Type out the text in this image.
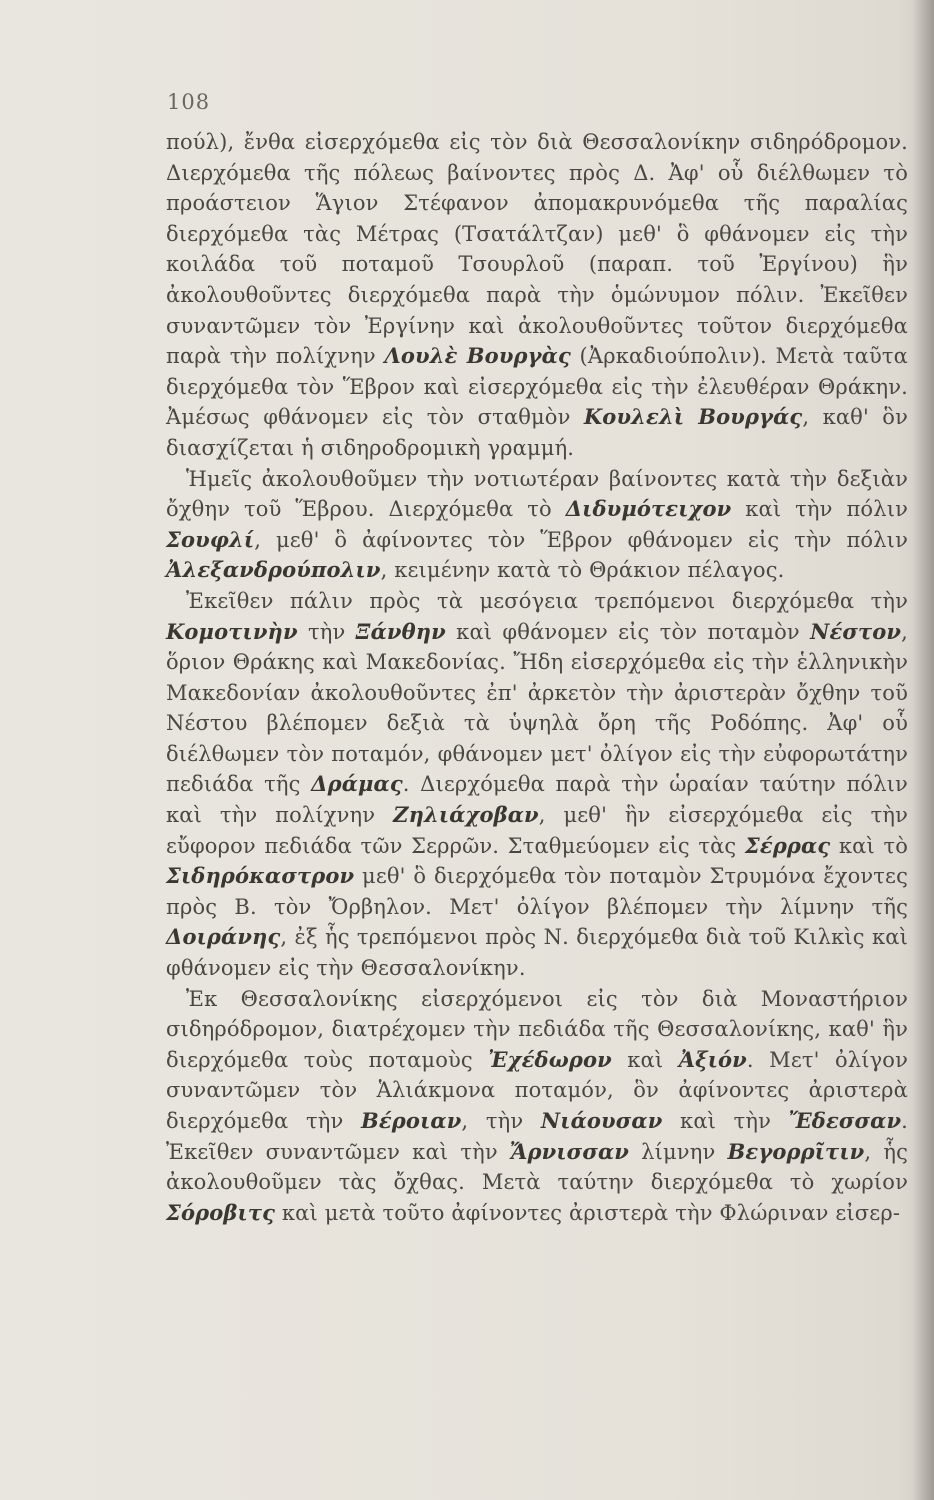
108

πούλ), ἔνθα εἰσερχόμεθα εἰς τὸν διὰ Θεσσαλονίκην σιδηρόδρομον. Διερχόμεθα τῆς πόλεως βαίνοντες πρὸς Δ. Ἀφ' οὗ διέλθωμεν τὸ προάστειον Ἅγιον Στέφανον ἀπομακρυνόμεθα τῆς παραλίας διερχόμεθα τὰς Μέτρας (Τσατάλτζαν) μεθ' ὃ φθάνομεν εἰς τὴν κοιλάδα τοῦ ποταμοῦ Τσουρλοῦ (παραπ. τοῦ Ἐργίνου) ἣν ἀκολουθοῦντες διερχόμεθα παρὰ τὴν ὁμώνυμον πόλιν. Ἐκεῖθεν συναντῶμεν τὸν Ἐργίνην καὶ ἀκολουθοῦντες τοῦτον διερχόμεθα παρὰ τὴν πολίχνην Λουλὲ Βουργὰς (Ἀρκαδιούπολιν). Μετὰ ταῦτα διερχόμεθα τὸν Ἕβρον καὶ εἰσερχόμεθα εἰς τὴν ἐλευθέραν Θράκην. Ἀμέσως φθάνομεν εἰς τὸν σταθμὸν Κουλελὶ Βουργάς, καθ' ὃν διασχίζεται ἡ σιδηροδρομικὴ γραμμή.

Ἡμεῖς ἀκολουθοῦμεν τὴν νοτιωτέραν βαίνοντες κατὰ τὴν δεξιὰν ὄχθην τοῦ Ἕβρου. Διερχόμεθα τὸ Διδυμότειχον καὶ τὴν πόλιν Σουφλί, μεθ' ὃ ἀφίνοντες τὸν Ἕβρον φθάνομεν εἰς τὴν πόλιν Ἀλεξανδρούπολιν, κειμένην κατὰ τὸ Θράκιον πέλαγος.

Ἐκεῖθεν πάλιν πρὸς τὰ μεσόγεια τρεπόμενοι διερχόμεθα τὴν Κομοτινὴν τὴν Ξάνθην καὶ φθάνομεν εἰς τὸν ποταμὸν Νέστον, ὅριον Θράκης καὶ Μακεδονίας. Ἤδη εἰσερχόμεθα εἰς τὴν ἑλληνικὴν Μακεδονίαν ἀκολουθοῦντες ἐπ' ἀρκετὸν τὴν ἀριστερὰν ὄχθην τοῦ Νέστου βλέπομεν δεξιὰ τὰ ὑψηλὰ ὄρη τῆς Ροδόπης. Ἀφ' οὗ διέλθωμεν τὸν ποταμόν, φθάνομεν μετ' ὀλίγον εἰς τὴν εὐφορωτάτην πεδιάδα τῆς Δράμας. Διερχόμεθα παρὰ τὴν ὡραίαν ταύτην πόλιν καὶ τὴν πολίχνην Ζηλιάχοβαν, μεθ' ἣν εἰσερχόμεθα εἰς τὴν εὔφορον πεδιάδα τῶν Σερρῶν. Σταθμεύομεν εἰς τὰς Σέρρας καὶ τὸ Σιδηρόκαστρον μεθ' ὃ διερχόμεθα τὸν ποταμὸν Στρυμόνα ἔχοντες πρὸς Β. τὸν Ὄρβηλον. Μετ' ὀλίγον βλέπομεν τὴν λίμνην τῆς Δοιράνης, ἐξ ἧς τρεπόμενοι πρὸς Ν. διερχόμεθα διὰ τοῦ Κιλκὶς καὶ φθάνομεν εἰς τὴν Θεσσαλονίκην.

Ἐκ Θεσσαλονίκης εἰσερχόμενοι εἰς τὸν διὰ Μοναστήριον σιδηρόδρομον, διατρέχομεν τὴν πεδιάδα τῆς Θεσσαλονίκης, καθ' ἣν διερχόμεθα τοὺς ποταμοὺς Ἐχέδωρον καὶ Ἀξιόν. Μετ' ὀλίγον συναντῶμεν τὸν Ἁλιάκμονα ποταμόν, ὃν ἀφίνοντες ἀριστερὰ διερχόμεθα τὴν Βέροιαν, τὴν Νιάουσαν καὶ τὴν Ἔδεσσαν. Ἐκεῖθεν συναντῶμεν καὶ τὴν Ἄρνισσαν λίμνην Βεγορρῖτιν, ἧς ἀκολουθοῦμεν τὰς ὄχθας. Μετὰ ταύτην διερχόμεθα τὸ χωρίον Σόροβιτς καὶ μετὰ τοῦτο ἀφίνοντες ἀριστερὰ τὴν Φλώριναν εἰσερ-
